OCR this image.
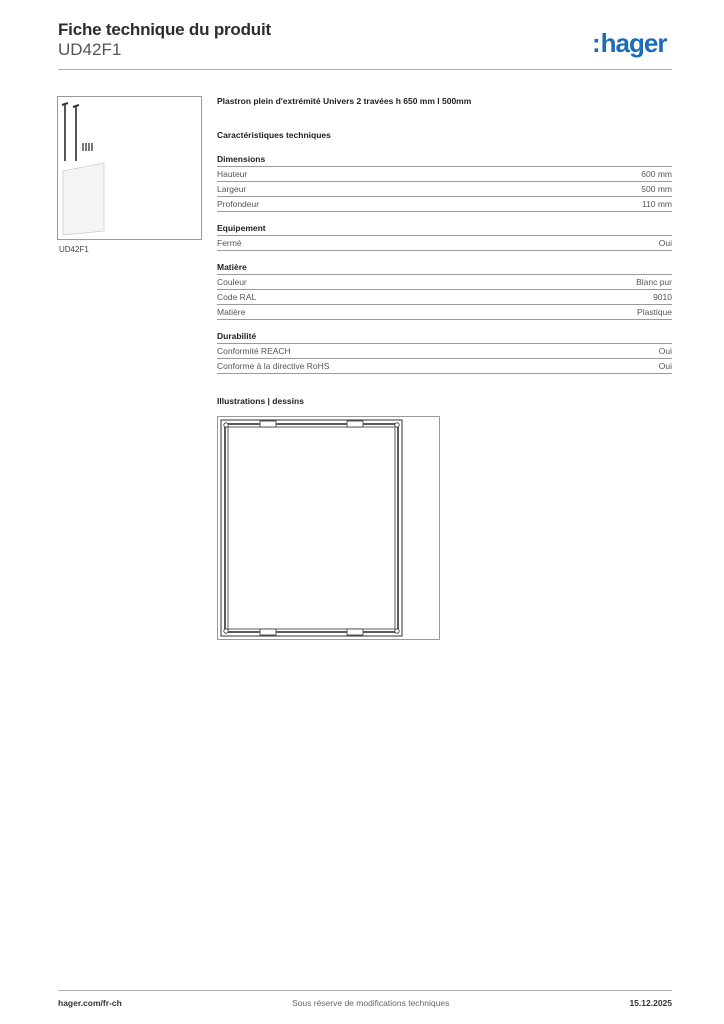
Fiche technique du produit
UD42F1	:hager
UD42F1
Plastron plein d'extrémité Univers 2 travées h 650 mm l 500mm
Caractéristiques techniques
Dimensions
Hauteur	600 mm
Largeur	500 mm
Profondeur	110 mm
Equipement
Fermé	Oui
Matière
Couleur	Blanc pur
Code RAL	9010
Matière	Plastique
Durabilité
Conformité REACH	Oui
Conforme à la directive RoHS	Oui
Illustrations | dessins
hager.com/fr-ch	Sous réserve de modifications techniques	15.12.2025
